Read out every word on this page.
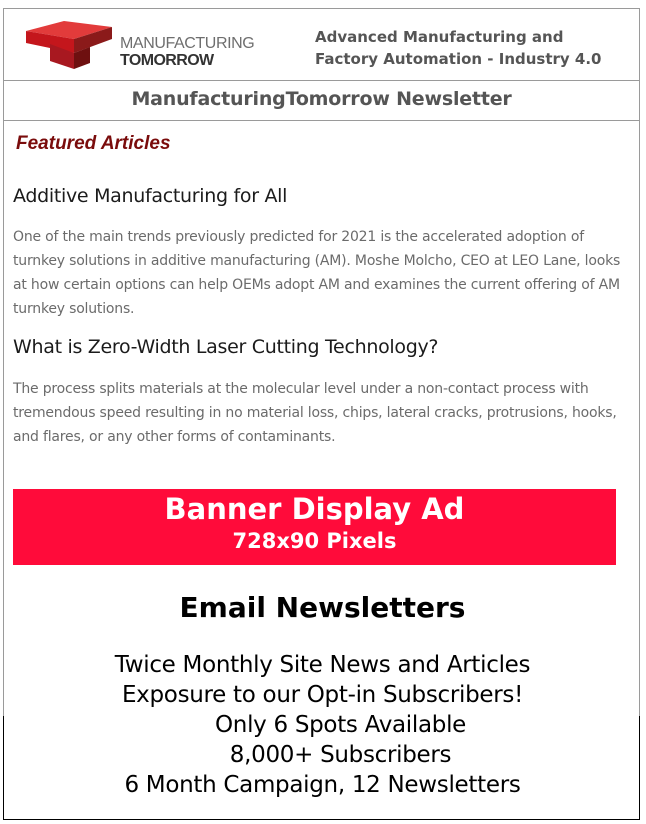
MANUFACTURING
TOMORROW
Advanced Manufacturing and
Factory Automation - Industry 4.0
ManufacturingTomorrow Newsletter
Featured Articles
Additive Manufacturing for All
One of the main trends previously predicted for 2021 is the accelerated adoption of turnkey solutions in additive manufacturing (AM). Moshe Molcho, CEO at LEO Lane, looks at how certain options can help OEMs adopt AM and examines the current offering of AM turnkey solutions.
What is Zero-Width Laser Cutting Technology?
The process splits materials at the molecular level under a non-contact process with tremendous speed resulting in no material loss, chips, lateral cracks, protrusions, hooks, and flares, or any other forms of contaminants.
Banner Display Ad
728x90 Pixels
Email Newsletters
Twice Monthly Site News and Articles
Exposure to our Opt-in Subscribers!
Only 6 Spots Available
8,000+ Subscribers
6 Month Campaign, 12 Newsletters
